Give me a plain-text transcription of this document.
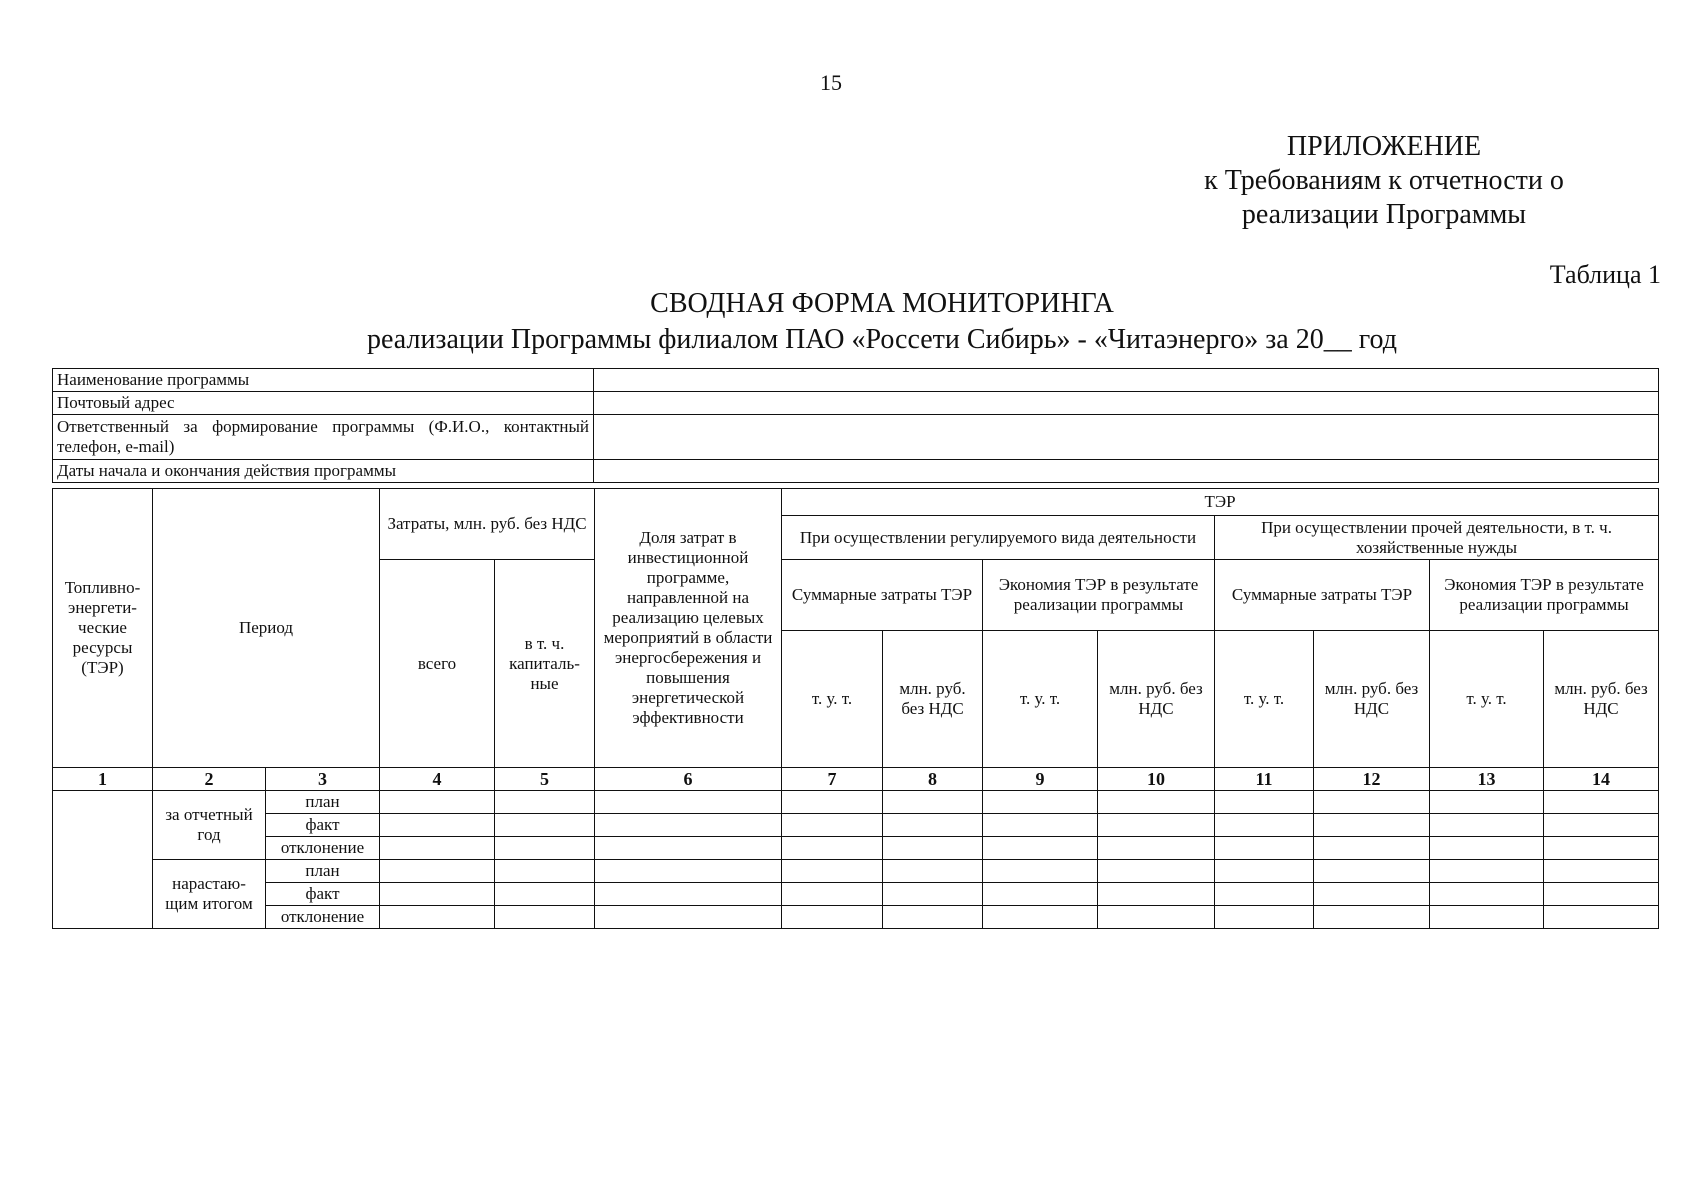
15
ПРИЛОЖЕНИЕ
к Требованиям к отчетности о
реализации Программы
Таблица 1
СВОДНАЯ ФОРМА МОНИТОРИНГА
реализации Программы филиалом ПАО «Россети Сибирь» - «Читаэнерго» за 20__ год
Наименование программы	
Почтовый адрес	
Ответственный за формирование программы (Ф.И.О., контактный телефон, e-mail)	
Даты начала и окончания действия программы	
Топливно-энергети-ческие ресурсы (ТЭР)	Период		Затраты, млн. руб. без НДС		Доля затрат в инвестиционной программе, направленной на реализацию целевых мероприятий в области энергосбережения и повышения энергетической эффективности	ТЭР							
						При осуществлении регулируемого вида деятельности				При осуществлении прочей деятельности, в т. ч. хозяйственные нужды			
			всего	в т. ч. капиталь-ные		Суммарные затраты ТЭР		Экономия ТЭР в результате реализации программы		Суммарные затраты ТЭР		Экономия ТЭР в результате реализации программы	
						т. у. т.	млн. руб. без НДС	т. у. т.	млн. руб. без НДС	т. у. т.	млн. руб. без НДС	т. у. т.	млн. руб. без НДС
1	2	3	4	5	6	7	8	9	10	11	12	13	14
	за отчетный год	план											
		факт											
		отклонение											
	нарастаю-щим итогом	план											
		факт											
		отклонение											
